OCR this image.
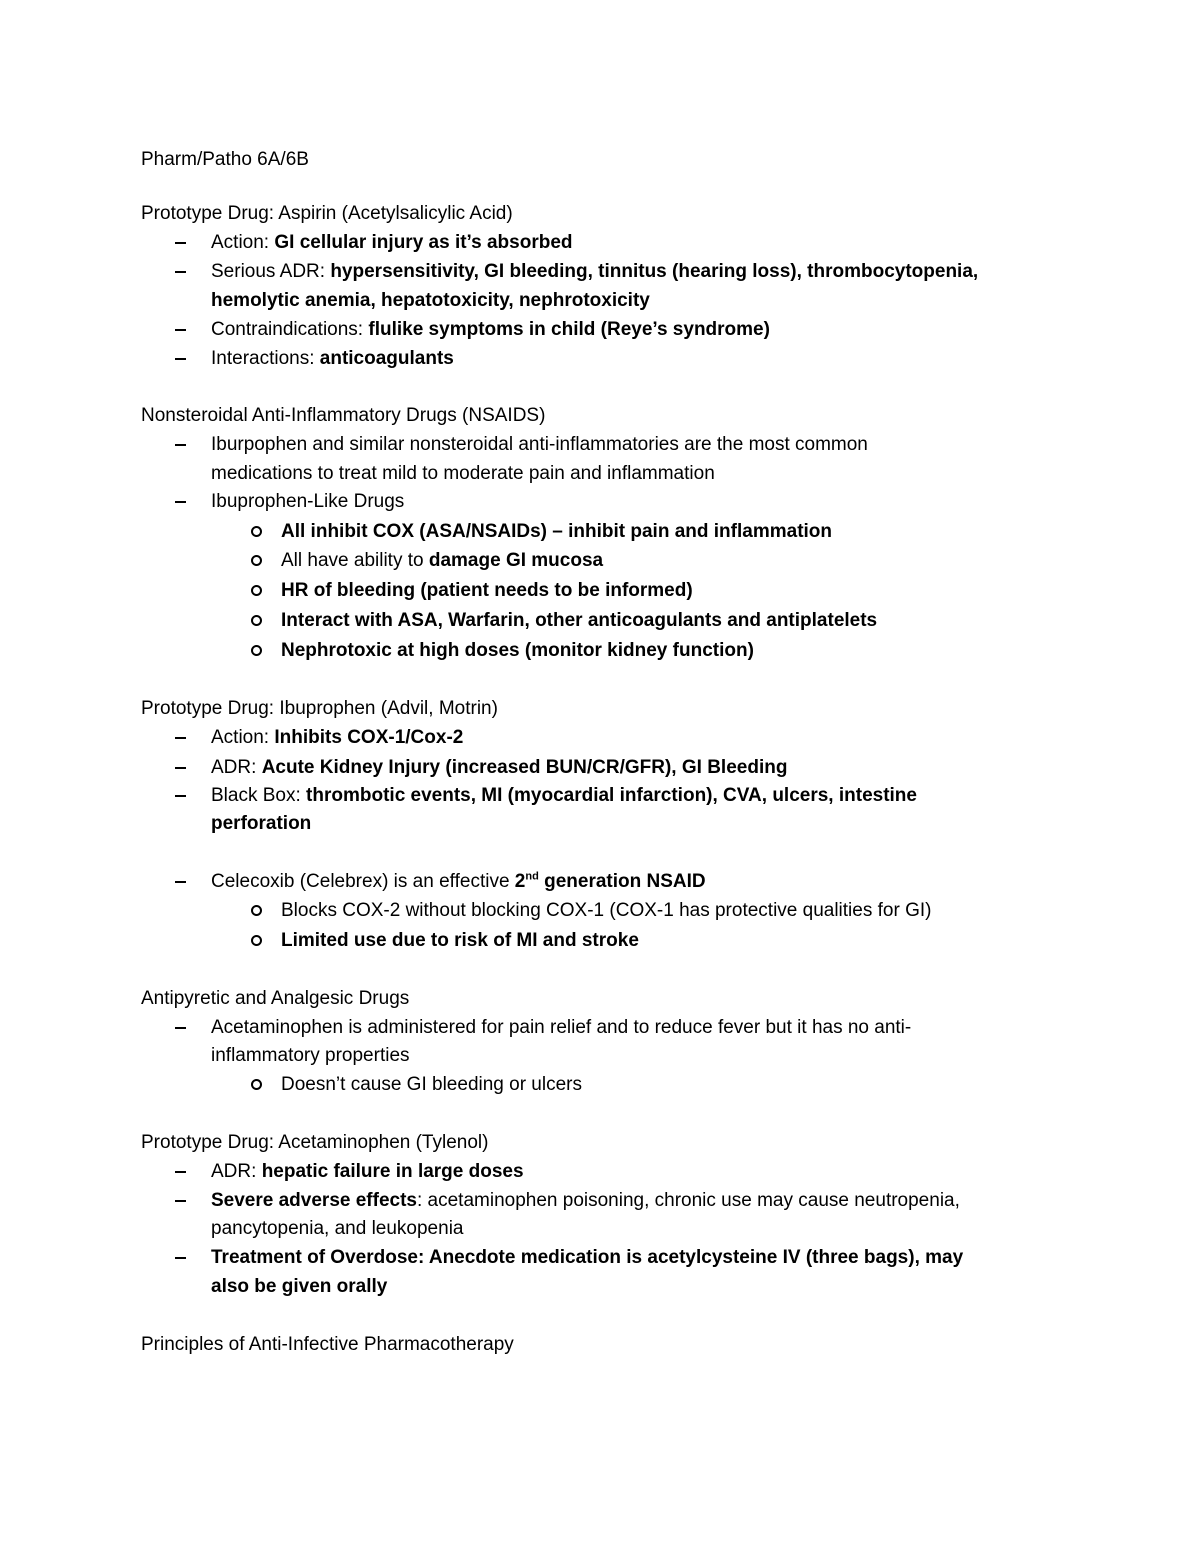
Pharm/Patho 6A/6B
Prototype Drug: Aspirin (Acetylsalicylic Acid)
Action: GI cellular injury as it’s absorbed
Serious ADR: hypersensitivity, GI bleeding, tinnitus (hearing loss), thrombocytopenia,
hemolytic anemia, hepatotoxicity, nephrotoxicity
Contraindications: flulike symptoms in child (Reye’s syndrome)
Interactions: anticoagulants
Nonsteroidal Anti-Inflammatory Drugs (NSAIDS)
Iburpophen and similar nonsteroidal anti-inflammatories are the most common
medications to treat mild to moderate pain and inflammation
Ibuprophen-Like Drugs
All inhibit COX (ASA/NSAIDs) – inhibit pain and inflammation
All have ability to damage GI mucosa
HR of bleeding (patient needs to be informed)
Interact with ASA, Warfarin, other anticoagulants and antiplatelets
Nephrotoxic at high doses (monitor kidney function)
Prototype Drug: Ibuprophen (Advil, Motrin)
Action: Inhibits COX-1/Cox-2
ADR: Acute Kidney Injury (increased BUN/CR/GFR), GI Bleeding
Black Box: thrombotic events, MI (myocardial infarction), CVA, ulcers, intestine
perforation
Celecoxib (Celebrex) is an effective 2nd generation NSAID
Blocks COX-2 without blocking COX-1 (COX-1 has protective qualities for GI)
Limited use due to risk of MI and stroke
Antipyretic and Analgesic Drugs
Acetaminophen is administered for pain relief and to reduce fever but it has no anti-
inflammatory properties
Doesn’t cause GI bleeding or ulcers
Prototype Drug: Acetaminophen (Tylenol)
ADR: hepatic failure in large doses
Severe adverse effects: acetaminophen poisoning, chronic use may cause neutropenia,
pancytopenia, and leukopenia
Treatment of Overdose: Anecdote medication is acetylcysteine IV (three bags), may
also be given orally
Principles of Anti-Infective Pharmacotherapy
